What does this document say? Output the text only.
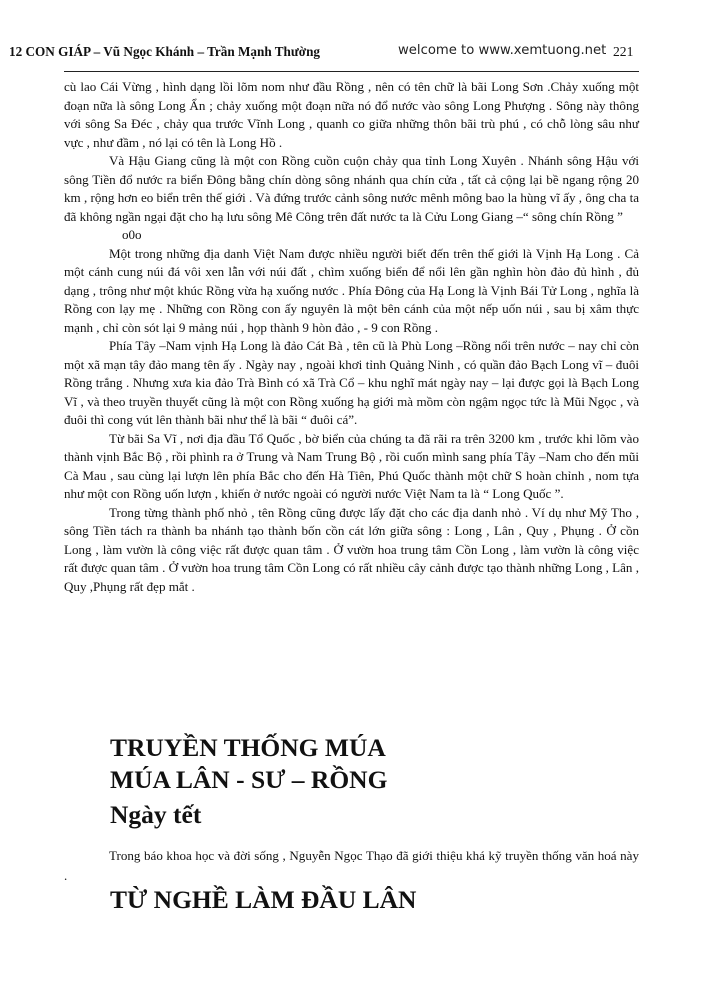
12 CON GIÁP – Vũ Ngọc Khánh – Trần Mạnh Thường	welcome to www.xemtuong.net 221

cù lao Cái Vừng , hình dạng lồi lõm nom như đầu Rồng , nên có tên chữ là bãi Long Sơn .Chảy xuống một đoạn nữa là sông Long Ẩn ; chảy xuống một đoạn nữa nó đổ nước vào sông Long Phượng . Sông này thông với sông Sa Đéc , chảy qua trước Vĩnh Long , quanh co giữa những thôn bãi trù phú , có chỗ lòng sâu như vực , như đầm , nó lại có tên là Long Hồ .

Và Hậu Giang cũng là một con Rồng cuồn cuộn chảy qua tỉnh Long Xuyên . Nhánh sông Hậu với sông Tiền đổ nước ra biển Đông bằng chín dòng sông nhánh qua chín cửa , tất cả cộng lại bề ngang rộng 20 km , rộng hơn eo biển trên thế giới . Và đứng trước cảnh sông nước mênh mông bao la hùng vĩ ấy , ông cha ta đã không ngần ngại đặt cho hạ lưu sông Mê Công trên đất nước ta là Cửu Long Giang –“ sông chín Rồng ”

o0o

Một trong những địa danh Việt Nam được nhiều người biết đến trên thế giới là Vịnh Hạ Long . Cả một cánh cung núi đá vôi xen lẫn với núi đất , chìm xuống biển để nổi lên gần nghìn hòn đảo đủ hình , đủ dạng , trông như một khúc Rồng vừa hạ xuống nước . Phía Đông của Hạ Long là Vịnh Bái Tử Long , nghĩa là Rồng con lạy mẹ . Những con Rồng con ấy nguyên là một bên cánh của một nếp uốn núi , sau bị xâm thực mạnh , chỉ còn sót lại 9 mảng núi , họp thành 9 hòn đảo , - 9 con Rồng .

Phía Tây –Nam vịnh Hạ Long là đảo Cát Bà , tên cũ là Phù Long –Rồng nổi trên nước – nay chỉ còn một xã mạn tây đảo mang tên ấy . Ngày nay , ngoài khơi tỉnh Quảng Ninh , có quần đảo Bạch Long vĩ – đuôi Rồng trắng . Nhưng xưa kia đảo Trà Bình có xã Trà Cổ – khu nghĩ mát ngày nay – lại được gọi là Bạch Long Vĩ , và theo truyền thuyết cũng là một con Rồng xuống hạ giới mà mồm còn ngậm ngọc tức là Mũi Ngọc , và đuôi thì cong vút lên thành bãi như thể là bãi “ đuôi cá”.

Từ bãi Sa Vĩ , nơi địa đầu Tổ Quốc , bờ biển của chúng ta đã rãi ra trên 3200 km , trước khi lõm vào thành vịnh Bắc Bộ , rồi phình ra ở Trung và Nam Trung Bộ , rồi cuốn mình sang phía Tây –Nam cho đến mũi Cà Mau , sau cùng lại lượn lên phía Bắc cho đến Hà Tiên, Phú Quốc thành một chữ S hoàn chỉnh , nom tựa như một con Rồng uốn lượn , khiến ở nước ngoài có người nước Việt Nam ta là “ Long Quốc ”.

Trong từng thành phố nhỏ , tên Rồng cũng được lấy đặt cho các địa danh nhỏ . Ví dụ như Mỹ Tho , sông Tiền tách ra thành ba nhánh tạo thành bốn cồn cát lớn giữa sông : Long , Lân , Quy , Phụng . Ở cồn Long , làm vườn là công việc rất được quan tâm . Ở vườn hoa trung tâm Cồn Long , làm vườn là công việc rất được quan tâm . Ở vườn hoa trung tâm Cồn Long có rất nhiều cây cảnh được tạo thành những Long , Lân , Quy ,Phụng rất đẹp mắt .

TRUYỀN THỐNG MÚA
MÚA LÂN - SƯ – RỒNG
Ngày tết

Trong báo khoa học và đời sống , Nguyễn Ngọc Thạo đã giới thiệu khá kỹ truyền thống văn hoá này .

TỪ NGHỀ LÀM ĐẦU LÂN
